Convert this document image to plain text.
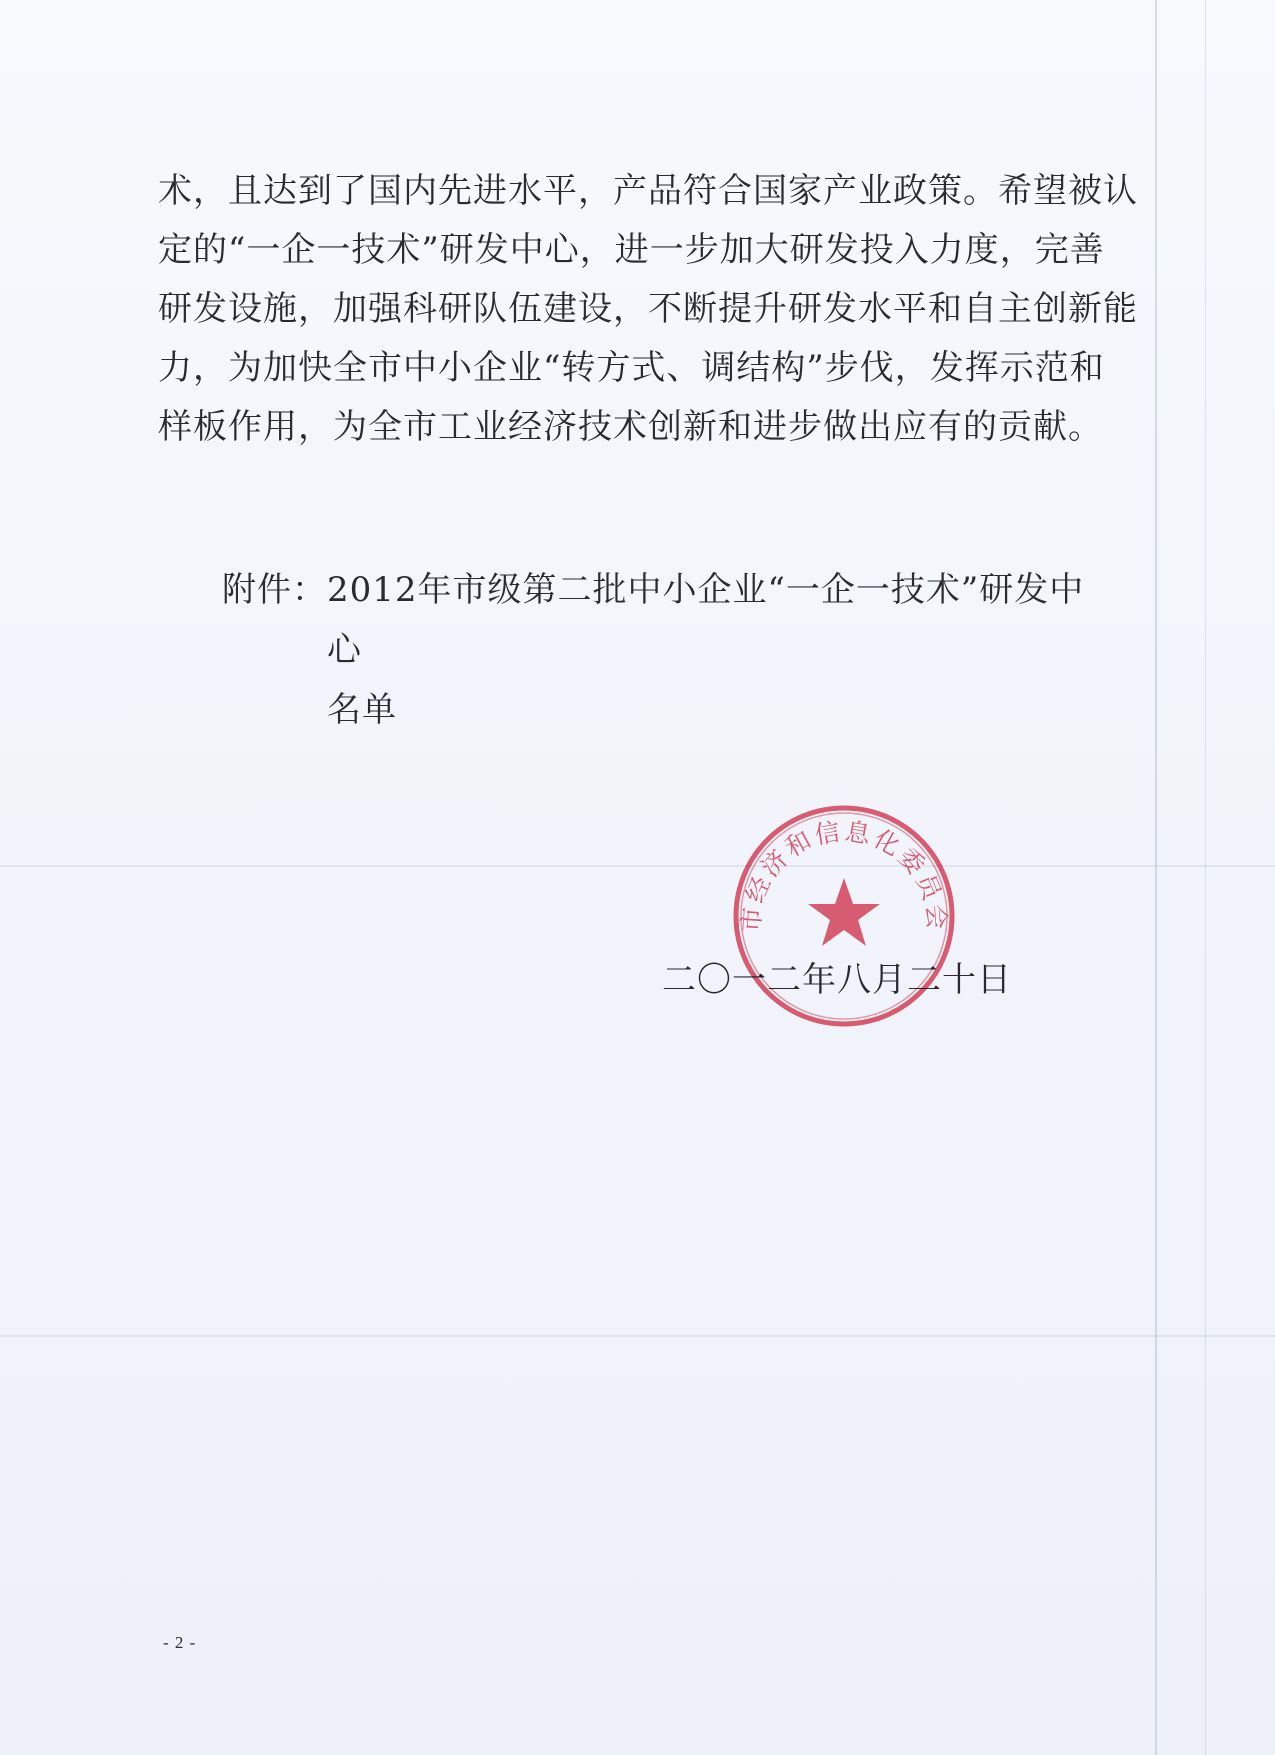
术，且达到了国内先进水平，产品符合国家产业政策。希望被认
定的“一企一技术”研发中心，进一步加大研发投入力度，完善
研发设施，加强科研队伍建设，不断提升研发水平和自主创新能
力，为加快全市中小企业“转方式、调结构”步伐，发挥示范和
样板作用，为全市工业经济技术创新和进步做出应有的贡献。
附件：2012年市级第二批中小企业“一企一技术”研发中心
名单
二〇一二年八月二十日
市经济和信息化委员会
- 2 -
